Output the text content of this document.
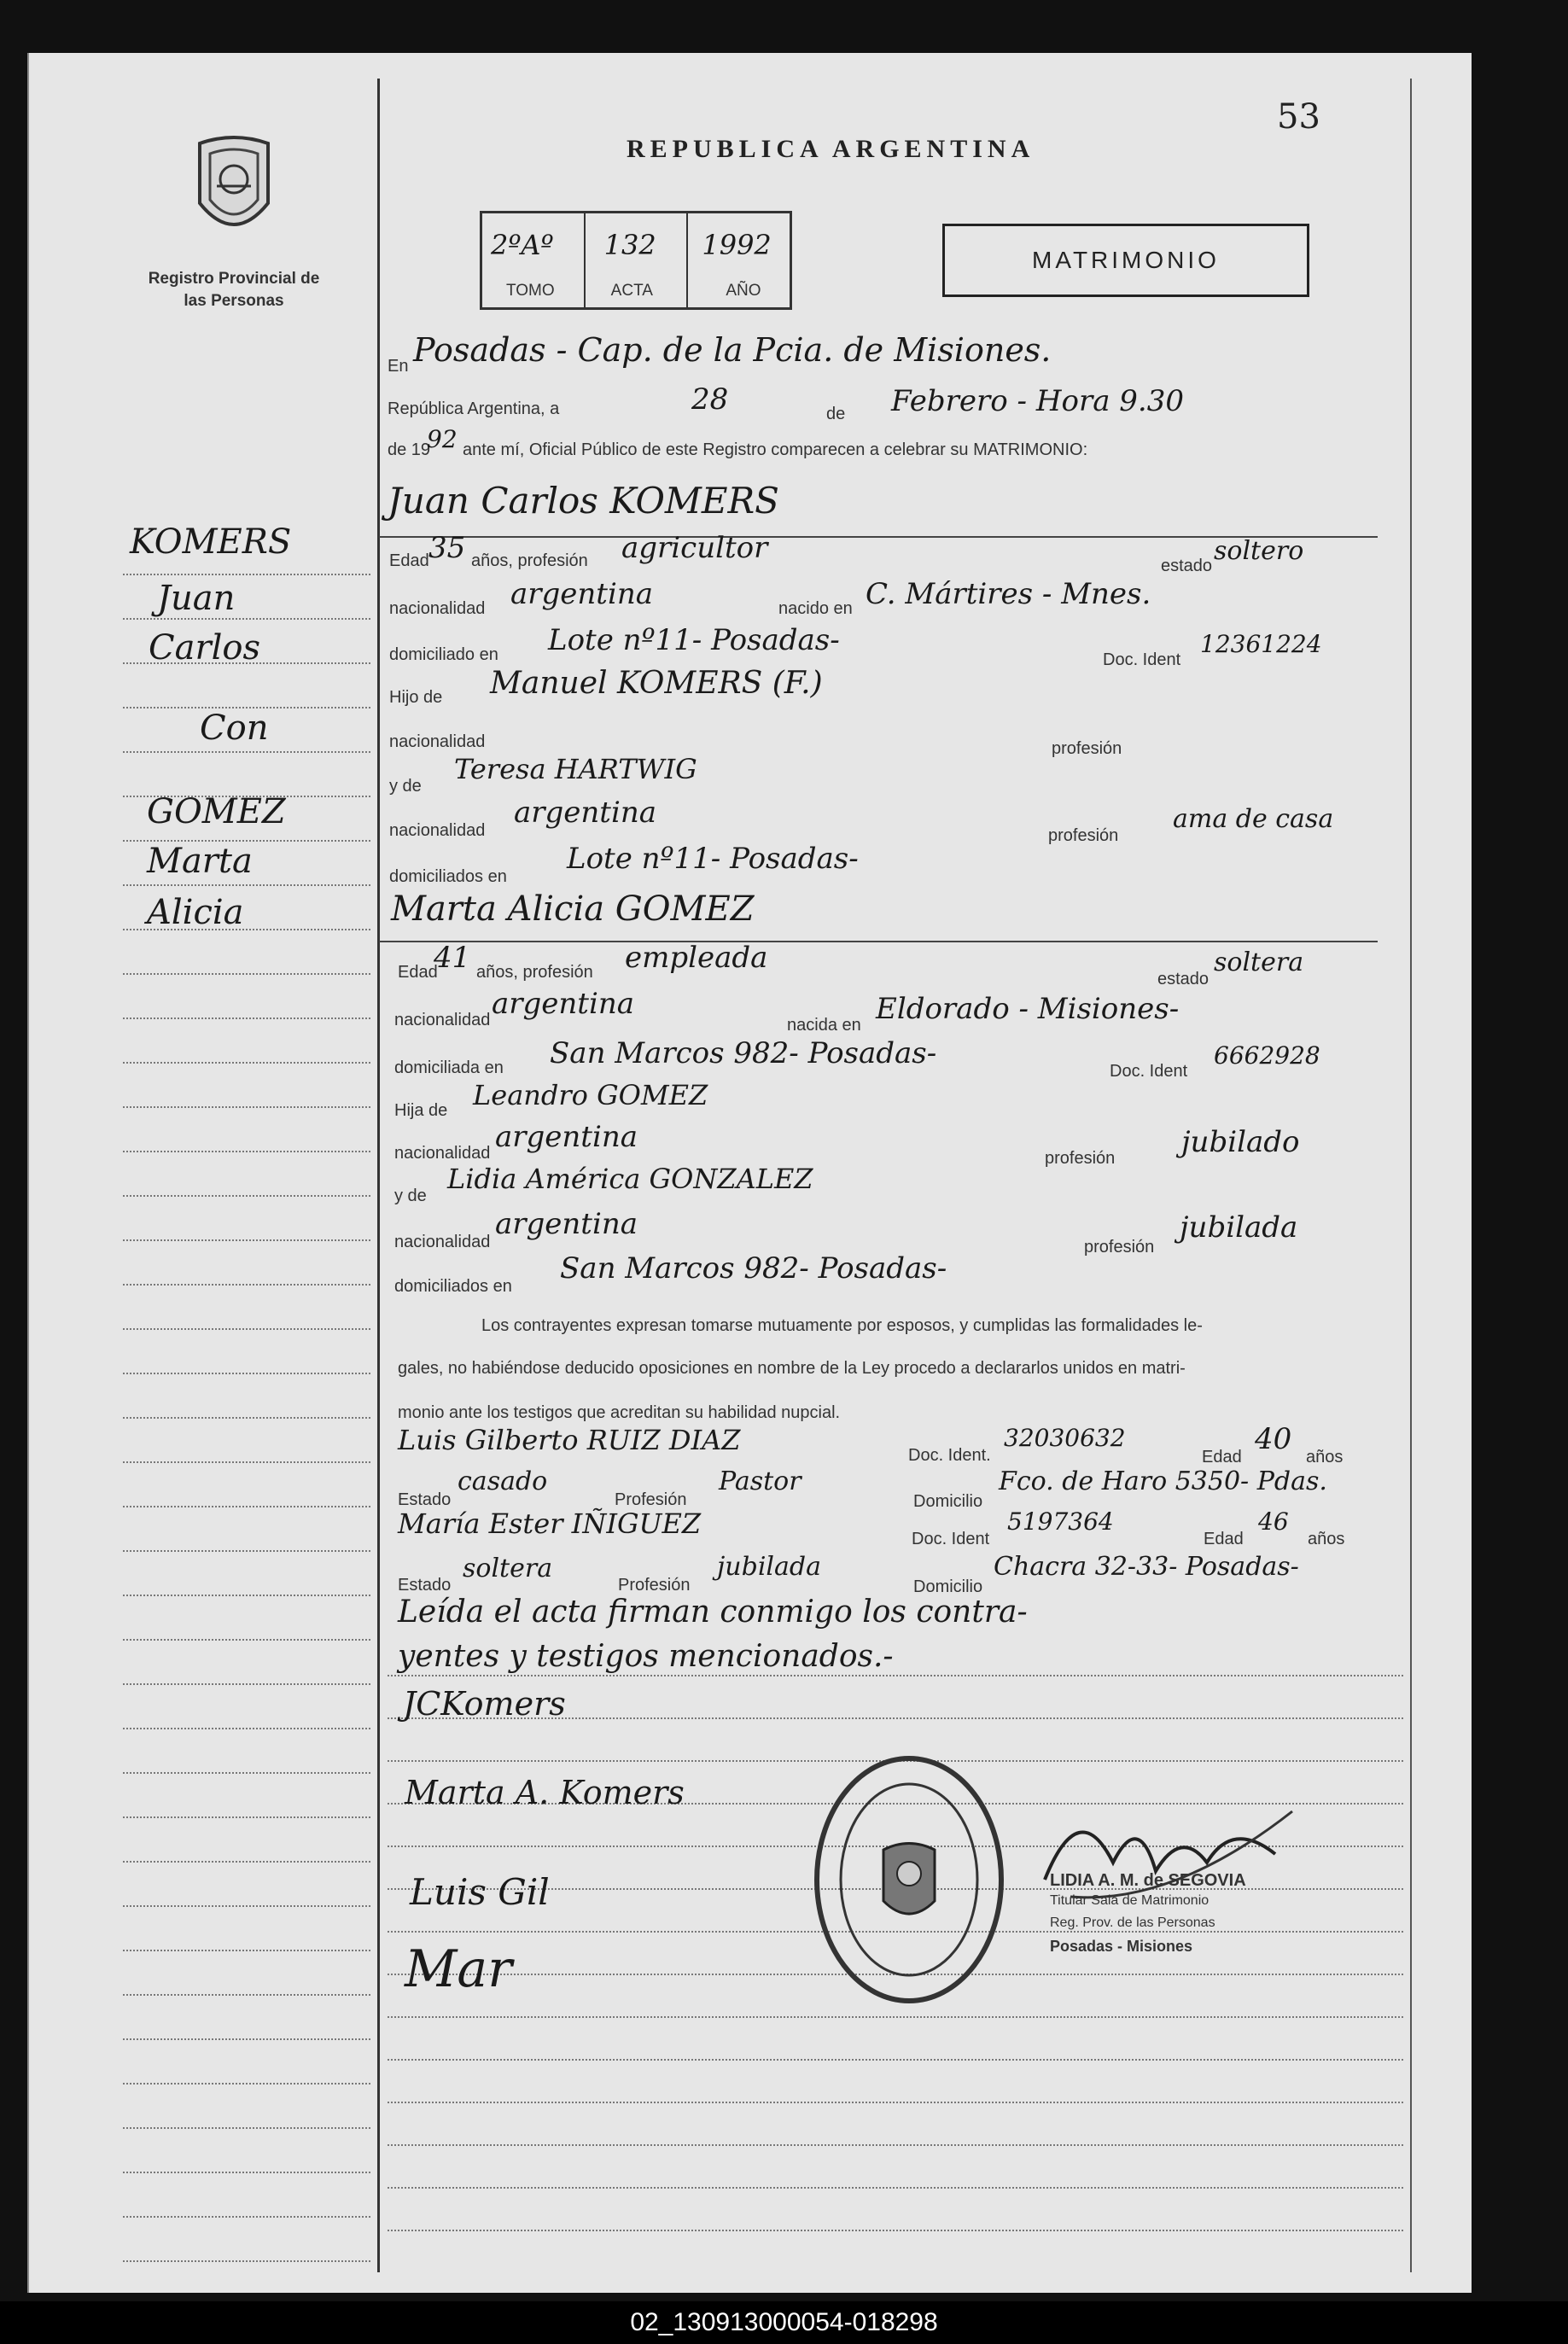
53
Registro Provincial de las Personas
REPUBLICA ARGENTINA
2ºAº
TOMO
132
ACTA
1992
AÑO
MATRIMONIO
KOMERS
Juan
Carlos
Con
GOMEZ
Marta
Alicia
En Posadas - Cap. de la Pcia. de Misiones.
República Argentina, a	28	de Febrero - Hora 9.30
de 19
92 ante mí, Oficial Público de este Registro comparecen a celebrar su MATRIMONIO:
Juan Carlos KOMERS
Edad 35 años, profesión agricultor
estado soltero
nacionalidad argentina	nacido en C. Mártires - Mnes.
domiciliado en Lote nº11- Posadas-
Doc. Ident
12361224
Hijo de Manuel KOMERS (F.)
nacionalidad	profesión
y de
Teresa HARTWIG
nacionalidad
argentina
profesión
ama de casa
domiciliados en
Lote nº11- Posadas-
Marta Alicia GOMEZ
Edad
41 años, profesión empleada
estado
soltera
nacionalidad argentina
nacida en Eldorado - Misiones-
domiciliada en San Marcos 982- Posadas-
Doc. Ident
6662928
Hija de Leandro GOMEZ
nacionalidad argentina
profesión jubilado
y de
Lidia América GONZALEZ
nacionalidad
argentina
profesión
jubilada
domiciliados en
San Marcos 982- Posadas-
Los contrayentes expresan tomarse mutuamente por esposos, y cumplidas las formalidades le-
gales, no habiéndose deducido oposiciones en nombre de la Ley procedo a declararlos unidos en matri-
monio ante los testigos que acreditan su habilidad nupcial.
Luis Gilberto RUIZ DIAZ	Doc. Ident.
32030632
Edad
40
años
Estado
casado
Profesión
Pastor
Domicilio
Fco. de Haro 5350- Pdas.
María Ester IÑIGUEZ	Doc. Ident
5197364
Edad
46
años
Estado
soltera
Profesión
jubilada
Domicilio
Chacra 32-33- Posadas-
Leída el acta firman conmigo los contra-
yentes y testigos mencionados.-
JCKomers
Marta A. Komers
Luis Gil
Mar
LIDIA A. M. de SEGOVIA
Titular Sala de Matrimonio
Reg. Prov. de las Personas
Posadas - Misiones
02_130913000054-018298
